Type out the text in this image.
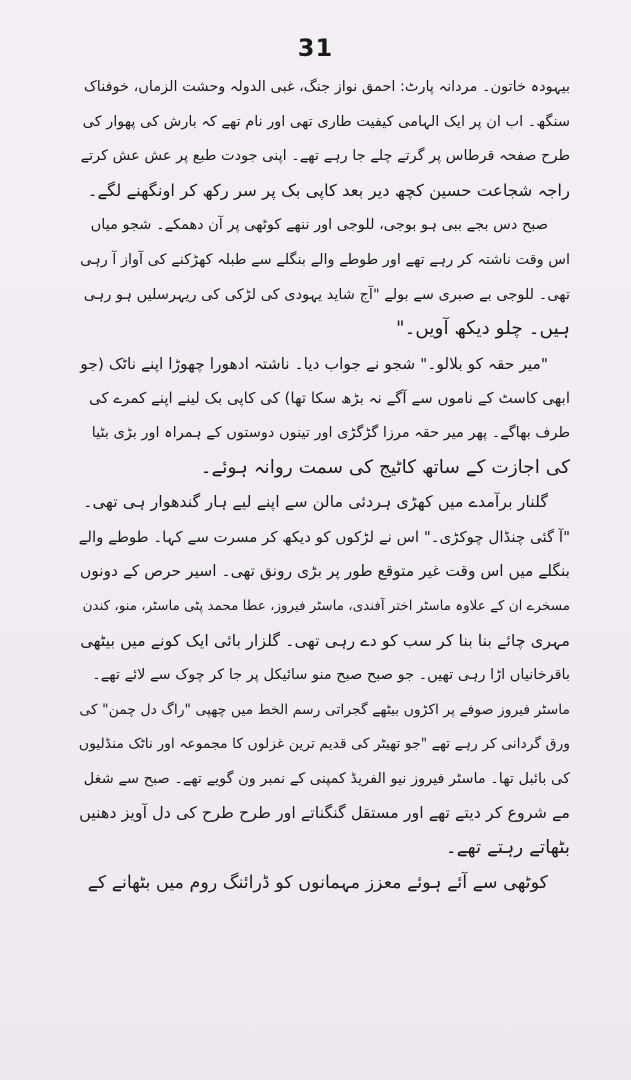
31
بیہودہ خاتون۔ مردانہ پارٹ: احمق نواز جنگ، غبی الدولہ وحشت الزماں، خوفناک
سنگھ۔ اب ان پر ایک الہامی کیفیت طاری تھی اور نام تھے کہ بارش کی پھوار کی
طرح صفحہ قرطاس پر گرتے چلے جا رہے تھے۔ اپنی جودت طبع پر عش عش کرتے
راجہ شجاعت حسین کچھ دیر بعد کاپی بک پر سر رکھ کر اونگھنے لگے۔
صبح دس بجے ببی ہو بوجی، للوجی اور ننھے کوٹھی پر آن دھمکے۔ شجو میاں
اس وقت ناشتہ کر رہے تھے اور طوطے والے بنگلے سے طبلہ کھڑکنے کی آواز آ رہی
تھی۔ للوجی بے صبری سے بولے "آج شاید یہودی کی لڑکی کی ریہرسلیں ہو رہی
ہیں۔ چلو دیکھ آویں۔"
"میر حقہ کو بلالو۔" شجو نے جواب دیا۔ ناشتہ ادھورا چھوڑا اپنے ناٹک (جو
ابھی کاسٹ کے ناموں سے آگے نہ بڑھ سکا تھا) کی کاپی بک لینے اپنے کمرے کی
طرف بھاگے۔ پھر میر حقہ مرزا گڑگڑی اور تینوں دوستوں کے ہمراہ اور بڑی بٹیا
کی اجازت کے ساتھ کاٹیج کی سمت روانہ ہوئے۔
گلنار برآمدے میں کھڑی ہردئی مالن سے اپنے لیے ہار گندھوار ہی تھی۔
"آ گئی چنڈال چوکڑی۔" اس نے لڑکوں کو دیکھ کر مسرت سے کہا۔ طوطے والے
بنگلے میں اس وقت غیر متوقع طور پر بڑی رونق تھی۔ اسیر حرص کے دونوں
مسخرے ان کے علاوہ ماسٹر اختر آفندی، ماسٹر فیروز، عطا محمد پٹی ماسٹر، منو، کندن
مہری چائے بنا بنا کر سب کو دے رہی تھی۔ گلزار بائی ایک کونے میں بیٹھی
باقرخانیاں اڑا رہی تھیں۔ جو صبح صبح منو سائیکل پر جا کر چوک سے لائے تھے۔
ماسٹر فیروز صوفے پر اکڑوں بیٹھے گجراتی رسم الخط میں چھپی "راگ دل چمن" کی
ورق گردانی کر رہے تھے "جو تھیٹر کی قدیم ترین غزلوں کا مجموعہ اور ناٹک منڈلیوں
کی بائبل تھا۔ ماسٹر فیروز نیو الفریڈ کمپنی کے نمبر ون گویے تھے۔ صبح سے شغل
مے شروع کر دیتے تھے اور مستقل گنگناتے اور طرح طرح کی دل آویز دھنیں
بٹھاتے رہتے تھے۔
کوٹھی سے آئے ہوئے معزز مہمانوں کو ڈرائنگ روم میں بٹھانے کے
